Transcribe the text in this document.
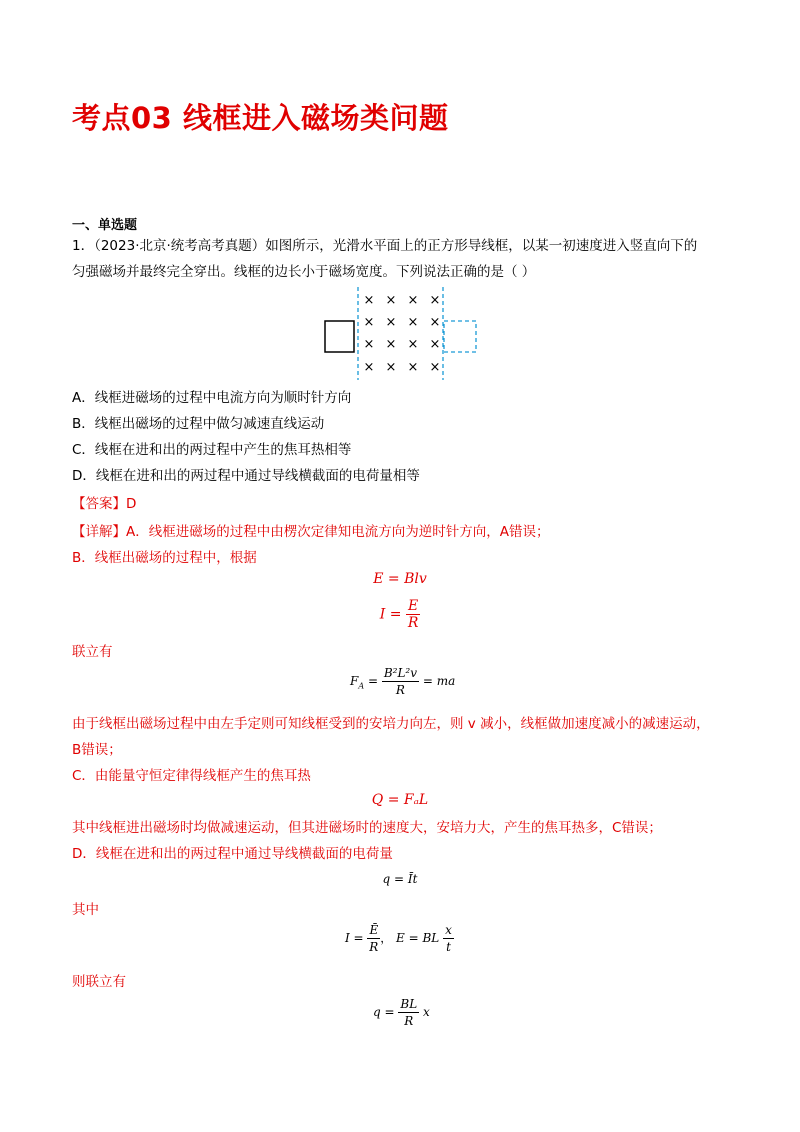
考点03 线框进入磁场类问题
一、单选题
1．（2023·北京·统考高考真题）如图所示，光滑水平面上的正方形导线框，以某一初速度进入竖直向下的
匀强磁场并最终完全穿出。线框的边长小于磁场宽度。下列说法正确的是（ ）
× × × ×
× × × ×
× × × ×
× × × ×
A．线框进磁场的过程中电流方向为顺时针方向
B．线框出磁场的过程中做匀减速直线运动
C．线框在进和出的两过程中产生的焦耳热相等
D．线框在进和出的两过程中通过导线横截面的电荷量相等
【答案】D
【详解】A．线框进磁场的过程中由楞次定律知电流方向为逆时针方向，A错误；
B．线框出磁场的过程中，根据
E = Blv
$I = \frac{E}{R}$
联立有
$F_A = \frac{\text{B²L²v}}{R}$ = ma
由于线框出磁场过程中由左手定则可知线框受到的安培力向左，则 v 减小，线框做加速度减小的减速运动，
B错误；
C．由能量守恒定律得线框产生的焦耳热
Q = FₐL
其中线框进出磁场时均做减速运动，但其进磁场时的速度大，安培力大，产生的焦耳热多，C错误；
D．线框在进和出的两过程中通过导线横截面的电荷量
q = Īt
其中
$I = \frac{Ē}{R}$ ， E = BL $\frac{x}{t}$
则联立有
$q = \frac{BL}{R}$ x
